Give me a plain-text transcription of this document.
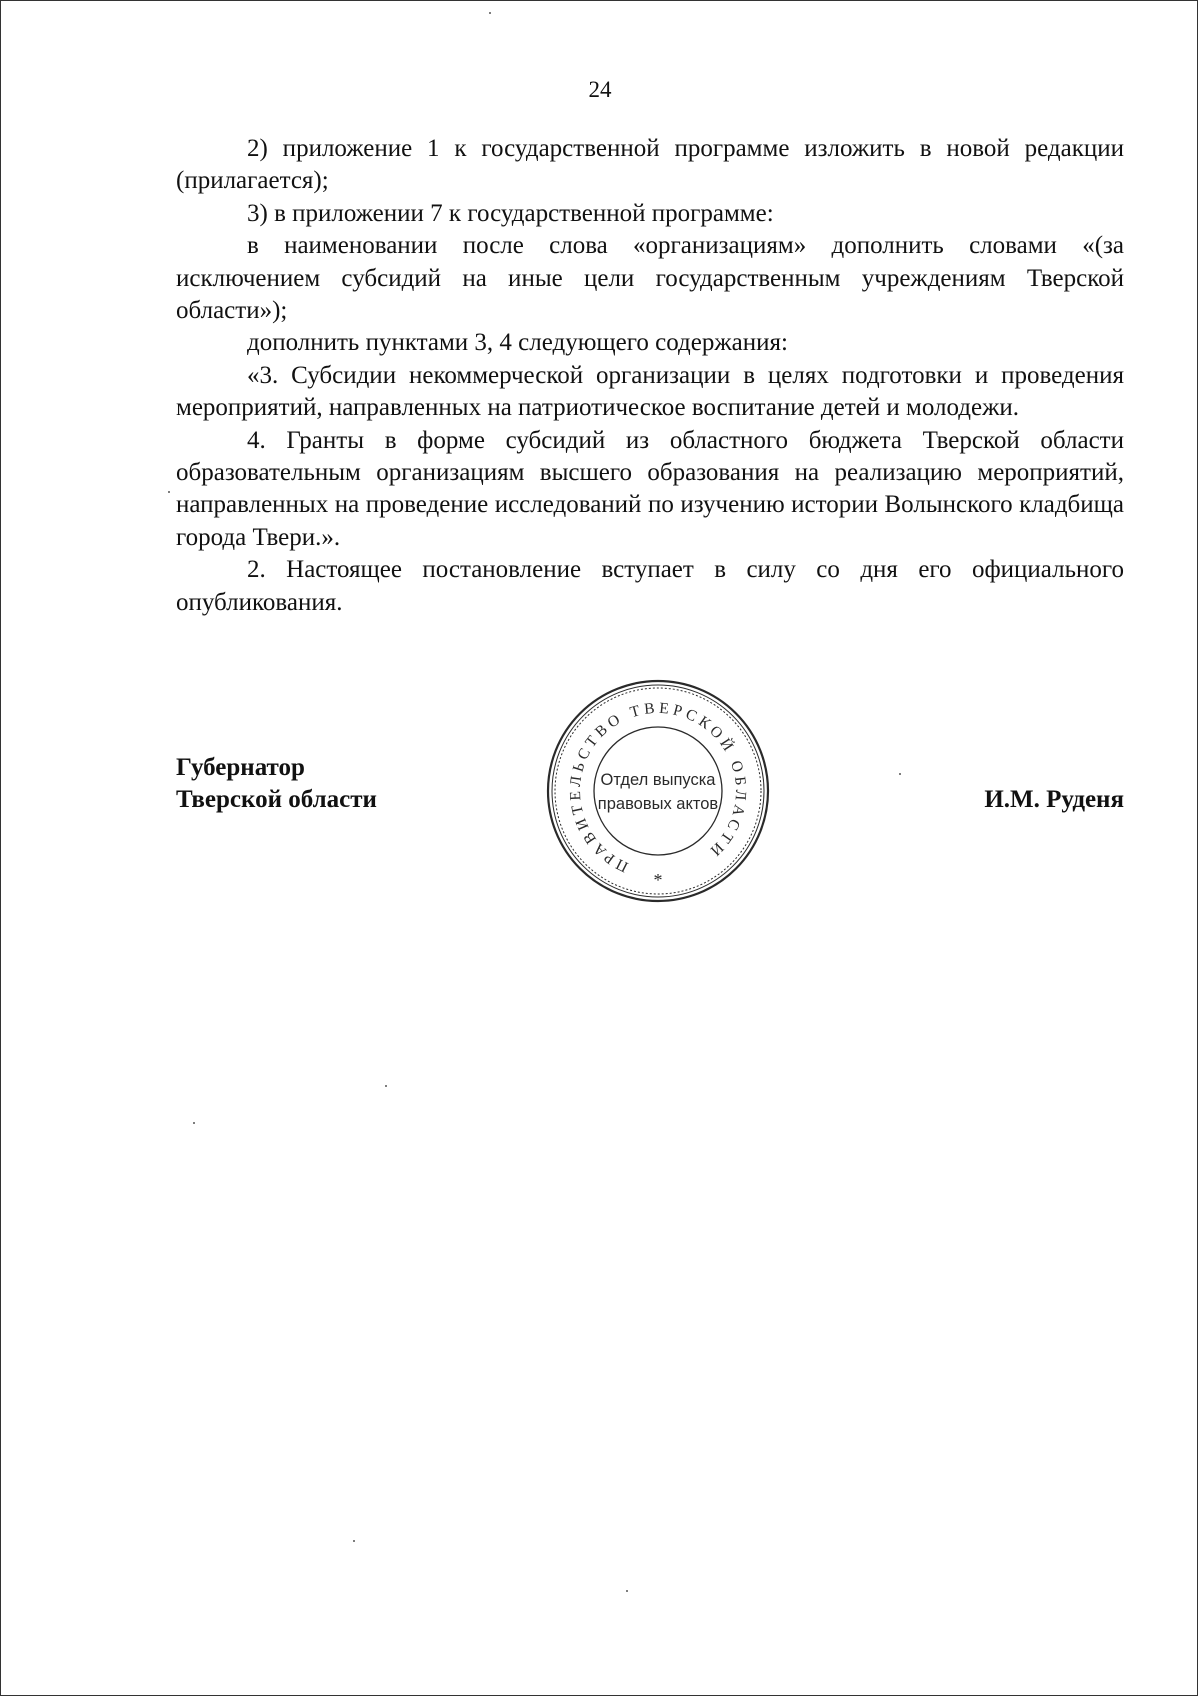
24

2) приложение 1 к государственной программе изложить в новой редакции (прилагается);

3) в приложении 7 к государственной программе:

в наименовании после слова «организациям» дополнить словами «(за исключением субсидий на иные цели государственным учреждениям Тверской области»);

дополнить пунктами 3, 4 следующего содержания:

«3. Субсидии некоммерческой организации в целях подготовки и проведения мероприятий, направленных на патриотическое воспитание детей и молодежи.

4. Гранты в форме субсидий из областного бюджета Тверской области образовательным организациям высшего образования на реализацию мероприятий, направленных на проведение исследований по изучению истории Волынского кладбища города Твери.».

2. Настоящее постановление вступает в силу со дня его официального опубликования.

Губернатор
Тверской области	И.М. Руденя
ПРАВИТЕЛЬСТВО ТВЕРСКОЙ ОБЛАСТИ
Отдел выпуска
правовых актов
*
